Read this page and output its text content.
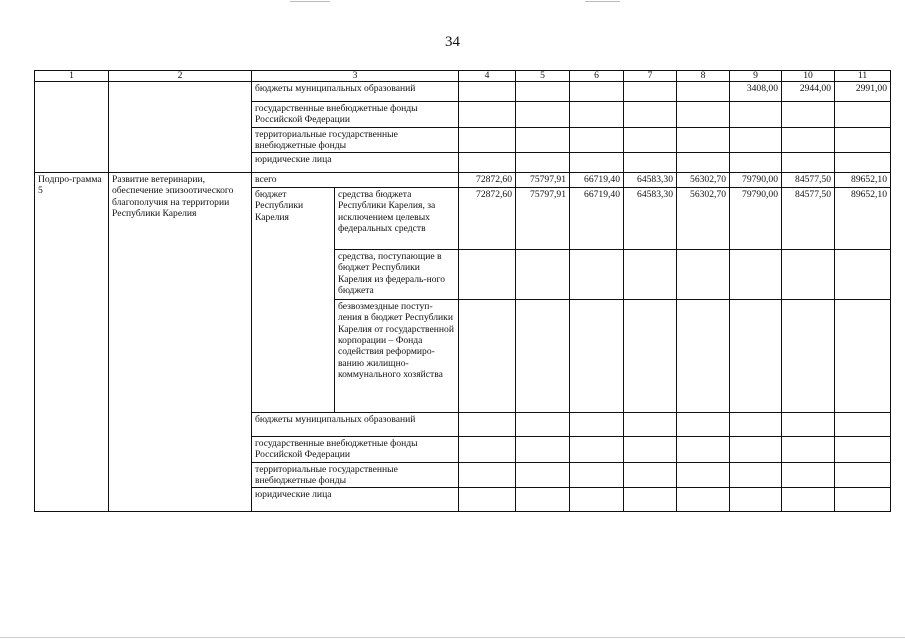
34
1	2	3		4	5	6	7	8	9	10	11
		бюджеты муниципальных образований							3408,00	2944,00	2991,00
		государственные внебюджетные фонды Российской Федерации									
		территориальные государственные внебюджетные фонды									
		юридические лица									
Подпро-грамма 5	Развитие ветеринарии, обеспечение эпизоотического благополучия на территории Республики Карелия	всего		72872,60	75797,91	66719,40	64583,30	56302,70	79790,00	84577,50	89652,10
		бюджет Республики Карелия	средства бюджета Республики Карелия, за исключением целевых федеральных средств	72872,60	75797,91	66719,40	64583,30	56302,70	79790,00	84577,50	89652,10
			средства, поступающие в бюджет Республики Карелия из федераль-ного бюджета								
			безвозмездные поступ-ления в бюджет Республики Карелия от государственной корпорации – Фонда содействия реформиро-ванию жилищно-коммунального хозяйства								
		бюджеты муниципальных образований									
		государственные внебюджетные фонды Российской Федерации									
		территориальные государственные внебюджетные фонды									
		юридические лица									
